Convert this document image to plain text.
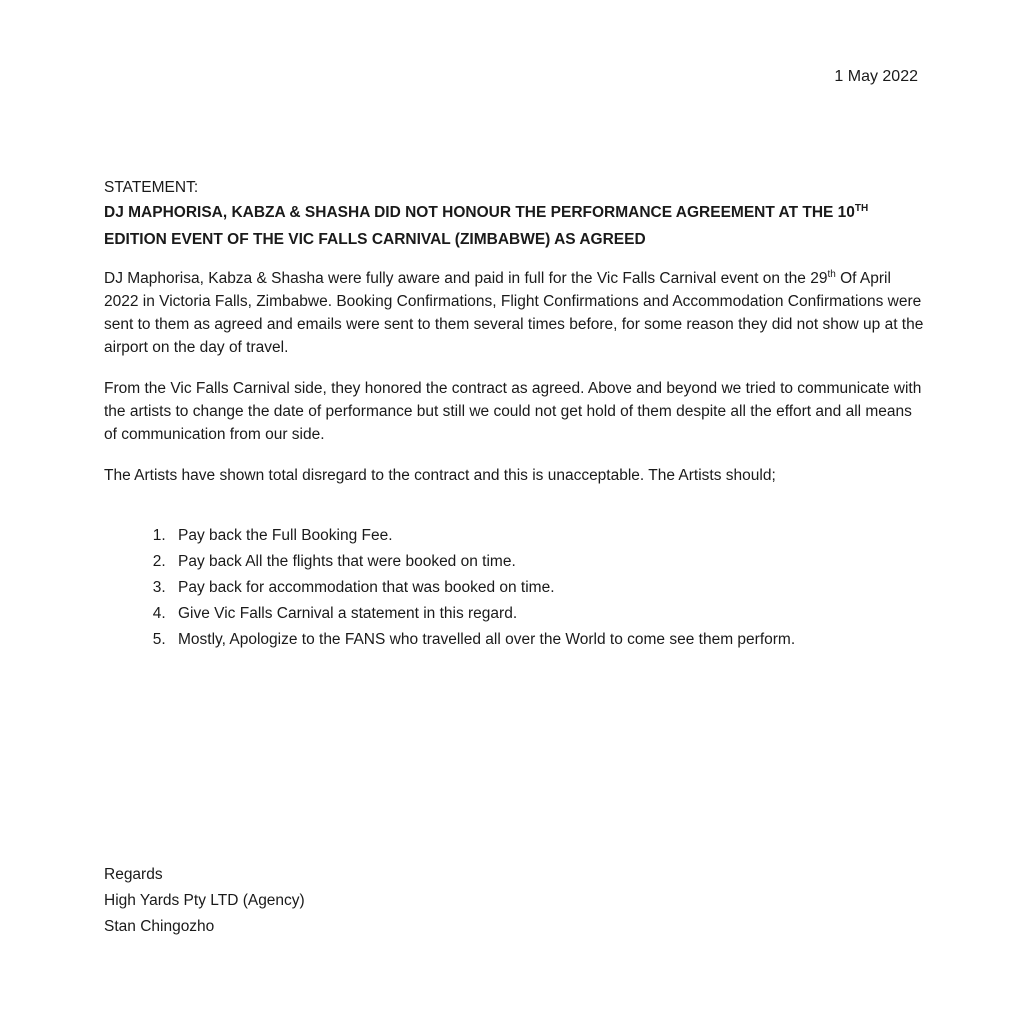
1 May 2022

STATEMENT:

DJ MAPHORISA, KABZA & SHASHA DID NOT HONOUR THE PERFORMANCE AGREEMENT AT THE 10TH EDITION EVENT OF THE VIC FALLS CARNIVAL (ZIMBABWE) AS AGREED

DJ Maphorisa, Kabza & Shasha were fully aware and paid in full for the Vic Falls Carnival event on the 29th Of April 2022 in Victoria Falls, Zimbabwe. Booking Confirmations, Flight Confirmations and Accommodation Confirmations were sent to them as agreed and emails were sent to them several times before, for some reason they did not show up at the airport on the day of travel.

From the Vic Falls Carnival side, they honored the contract as agreed. Above and beyond we tried to communicate with the artists to change the date of performance but still we could not get hold of them despite all the effort and all means of communication from our side.

The Artists have shown total disregard to the contract and this is unacceptable. The Artists should;

1. Pay back the Full Booking Fee.
2. Pay back All the flights that were booked on time.
3. Pay back for accommodation that was booked on time.
4. Give Vic Falls Carnival a statement in this regard.
5. Mostly, Apologize to the FANS who travelled all over the World to come see them perform.
Regards
High Yards Pty LTD (Agency)
Stan Chingozho
